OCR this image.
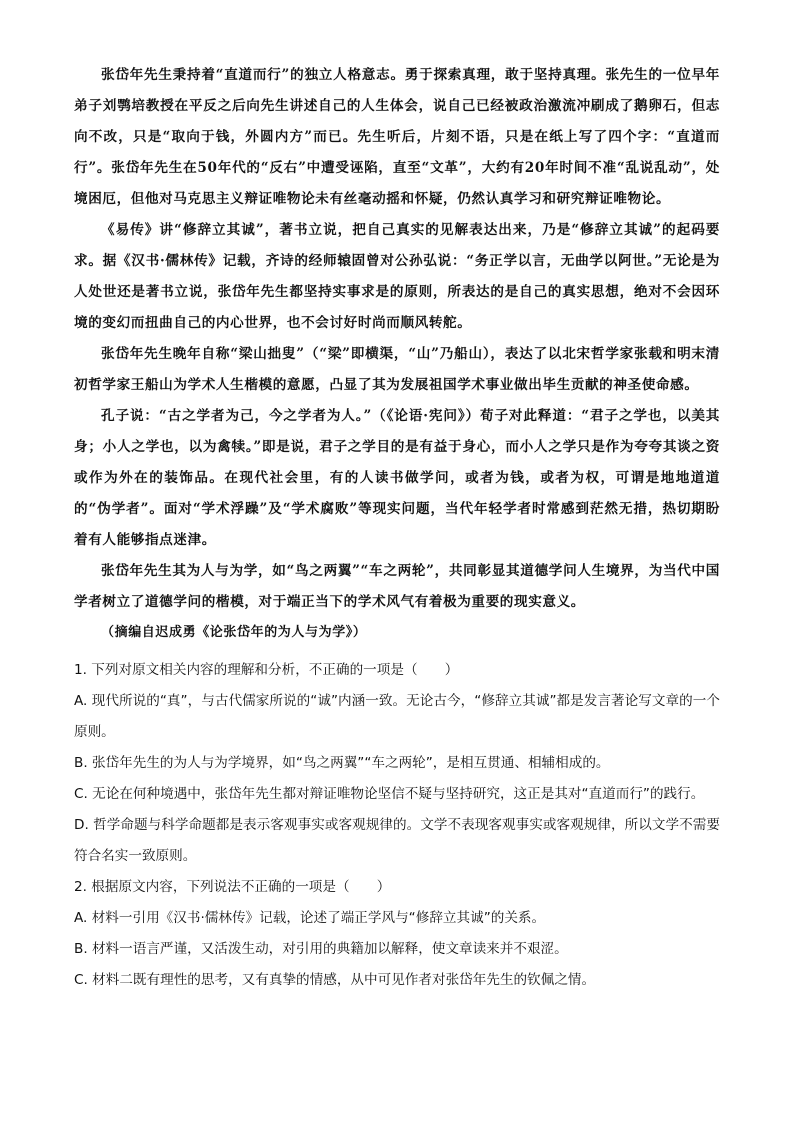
张岱年先生秉持着“直道而行”的独立人格意志。勇于探索真理，敢于坚持真理。张先生的一位早年弟子刘鹗培教授在平反之后向先生讲述自己的人生体会，说自己已经被政治激流冲刷成了鹅卵石，但志向不改，只是“取向于钱，外圆内方”而已。先生听后，片刻不语，只是在纸上写了四个字：“直道而行”。张岱年先生在50年代的“反右”中遭受诬陷，直至“文革”，大约有20年时间不准“乱说乱动”，处境困厄，但他对马克思主义辩证唯物论未有丝毫动摇和怀疑，仍然认真学习和研究辩证唯物论。

《易传》讲“修辞立其诚”，著书立说，把自己真实的见解表达出来，乃是“修辞立其诚”的起码要求。据《汉书·儒林传》记载，齐诗的经师辕固曾对公孙弘说：“务正学以言，无曲学以阿世。”无论是为人处世还是著书立说，张岱年先生都坚持实事求是的原则，所表达的是自己的真实思想，绝对不会因环境的变幻而扭曲自己的内心世界，也不会讨好时尚而顺风转舵。

张岱年先生晚年自称“梁山拙叟”（“梁”即横渠，“山”乃船山），表达了以北宋哲学家张载和明末清初哲学家王船山为学术人生楷模的意愿，凸显了其为发展祖国学术事业做出毕生贡献的神圣使命感。

孔子说：“古之学者为己，今之学者为人。”（《论语·宪问》）荀子对此释道：“君子之学也，以美其身；小人之学也，以为禽犊。”即是说，君子之学目的是有益于身心，而小人之学只是作为夸夸其谈之资或作为外在的装饰品。在现代社会里，有的人读书做学问，或者为钱，或者为权，可谓是地地道道的“伪学者”。面对“学术浮躁”及“学术腐败”等现实问题，当代年轻学者时常感到茫然无措，热切期盼着有人能够指点迷津。

张岱年先生其为人与为学，如“鸟之两翼”“车之两轮”，共同彰显其道德学问人生境界，为当代中国学者树立了道德学问的楷模，对于端正当下的学术风气有着极为重要的现实意义。

（摘编自迟成勇《论张岱年的为人与为学》）

1. 下列对原文相关内容的理解和分析，不正确的一项是（　　）

A. 现代所说的“真”，与古代儒家所说的“诚”内涵一致。无论古今，“修辞立其诚”都是发言著论写文章的一个原则。

B. 张岱年先生的为人与为学境界，如“鸟之两翼”“车之两轮”，是相互贯通、相辅相成的。

C. 无论在何种境遇中，张岱年先生都对辩证唯物论坚信不疑与坚持研究，这正是其对“直道而行”的践行。

D. 哲学命题与科学命题都是表示客观事实或客观规律的。文学不表现客观事实或客观规律，所以文学不需要符合名实一致原则。

2. 根据原文内容，下列说法不正确的一项是（　　）

A. 材料一引用《汉书·儒林传》记载，论述了端正学风与“修辞立其诚”的关系。

B. 材料一语言严谨，又活泼生动，对引用的典籍加以解释，使文章读来并不艰涩。

C. 材料二既有理性的思考，又有真挚的情感，从中可见作者对张岱年先生的钦佩之情。
